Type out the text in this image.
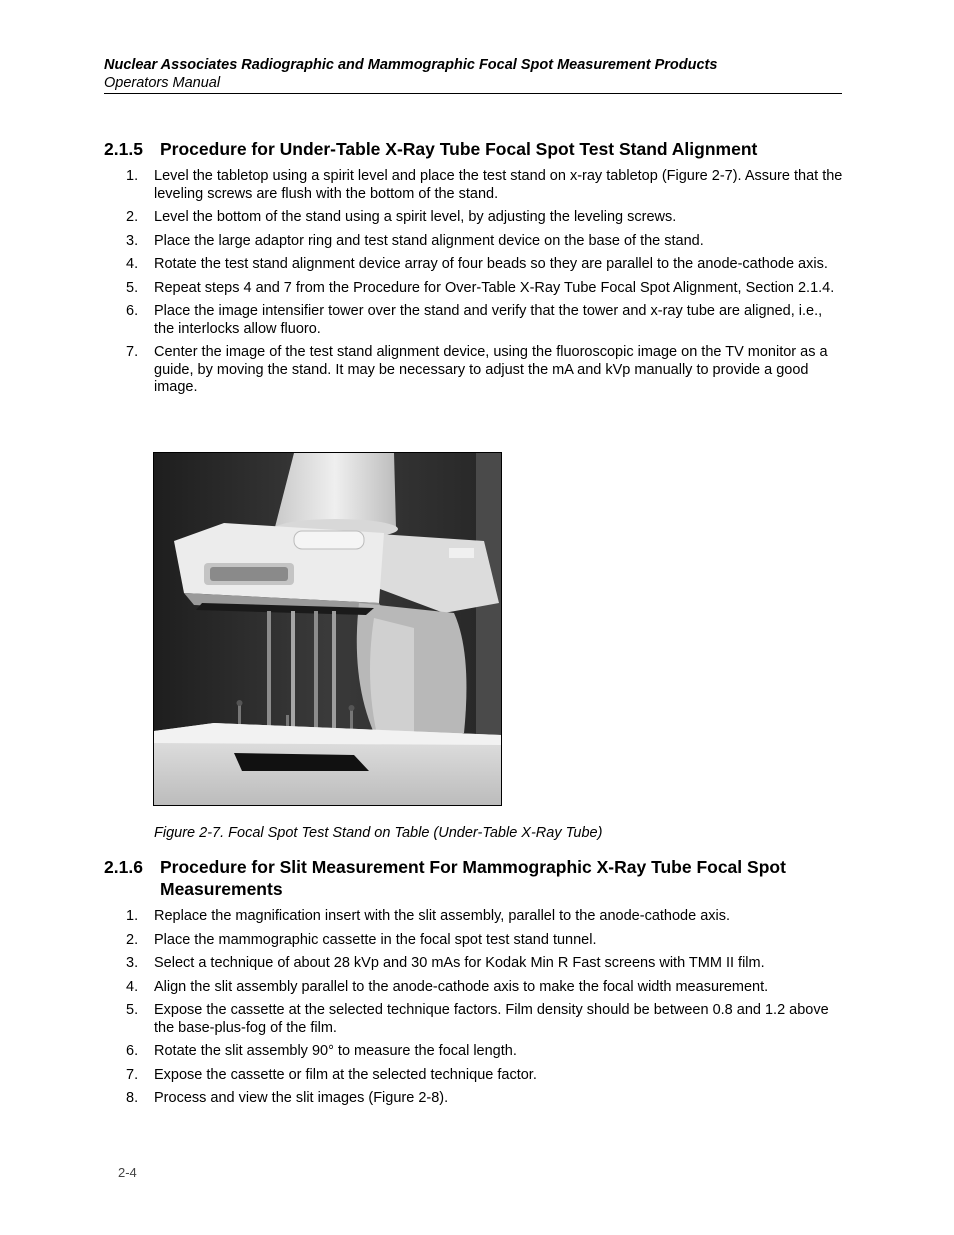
Nuclear Associates Radiographic and Mammographic Focal Spot Measurement Products
Operators Manual
2.1.5 Procedure for Under-Table X-Ray Tube Focal Spot Test Stand Alignment
1. Level the tabletop using a spirit level and place the test stand on x-ray tabletop (Figure 2-7). Assure that the leveling screws are flush with the bottom of the stand.
2. Level the bottom of the stand using a spirit level, by adjusting the leveling screws.
3. Place the large adaptor ring and test stand alignment device on the base of the stand.
4. Rotate the test stand alignment device array of four beads so they are parallel to the anode-cathode axis.
5. Repeat steps 4 and 7 from the Procedure for Over-Table X-Ray Tube Focal Spot Alignment, Section 2.1.4.
6. Place the image intensifier tower over the stand and verify that the tower and x-ray tube are aligned, i.e., the interlocks allow fluoro.
7. Center the image of the test stand alignment device, using the fluoroscopic image on the TV monitor as a guide, by moving the stand. It may be necessary to adjust the mA and kVp manually to provide a good image.
Figure 2-7. Focal Spot Test Stand on Table (Under-Table X-Ray Tube)
2.1.6 Procedure for Slit Measurement For Mammographic X-Ray Tube Focal Spot
Measurements
1. Replace the magnification insert with the slit assembly, parallel to the anode-cathode axis.
2. Place the mammographic cassette in the focal spot test stand tunnel.
3. Select a technique of about 28 kVp and 30 mAs for Kodak Min R Fast screens with TMM II film.
4. Align the slit assembly parallel to the anode-cathode axis to make the focal width measurement.
5. Expose the cassette at the selected technique factors. Film density should be between 0.8 and 1.2 above the base-plus-fog of the film.
6. Rotate the slit assembly 90° to measure the focal length.
7. Expose the cassette or film at the selected technique factor.
8. Process and view the slit images (Figure 2-8).
2-4
